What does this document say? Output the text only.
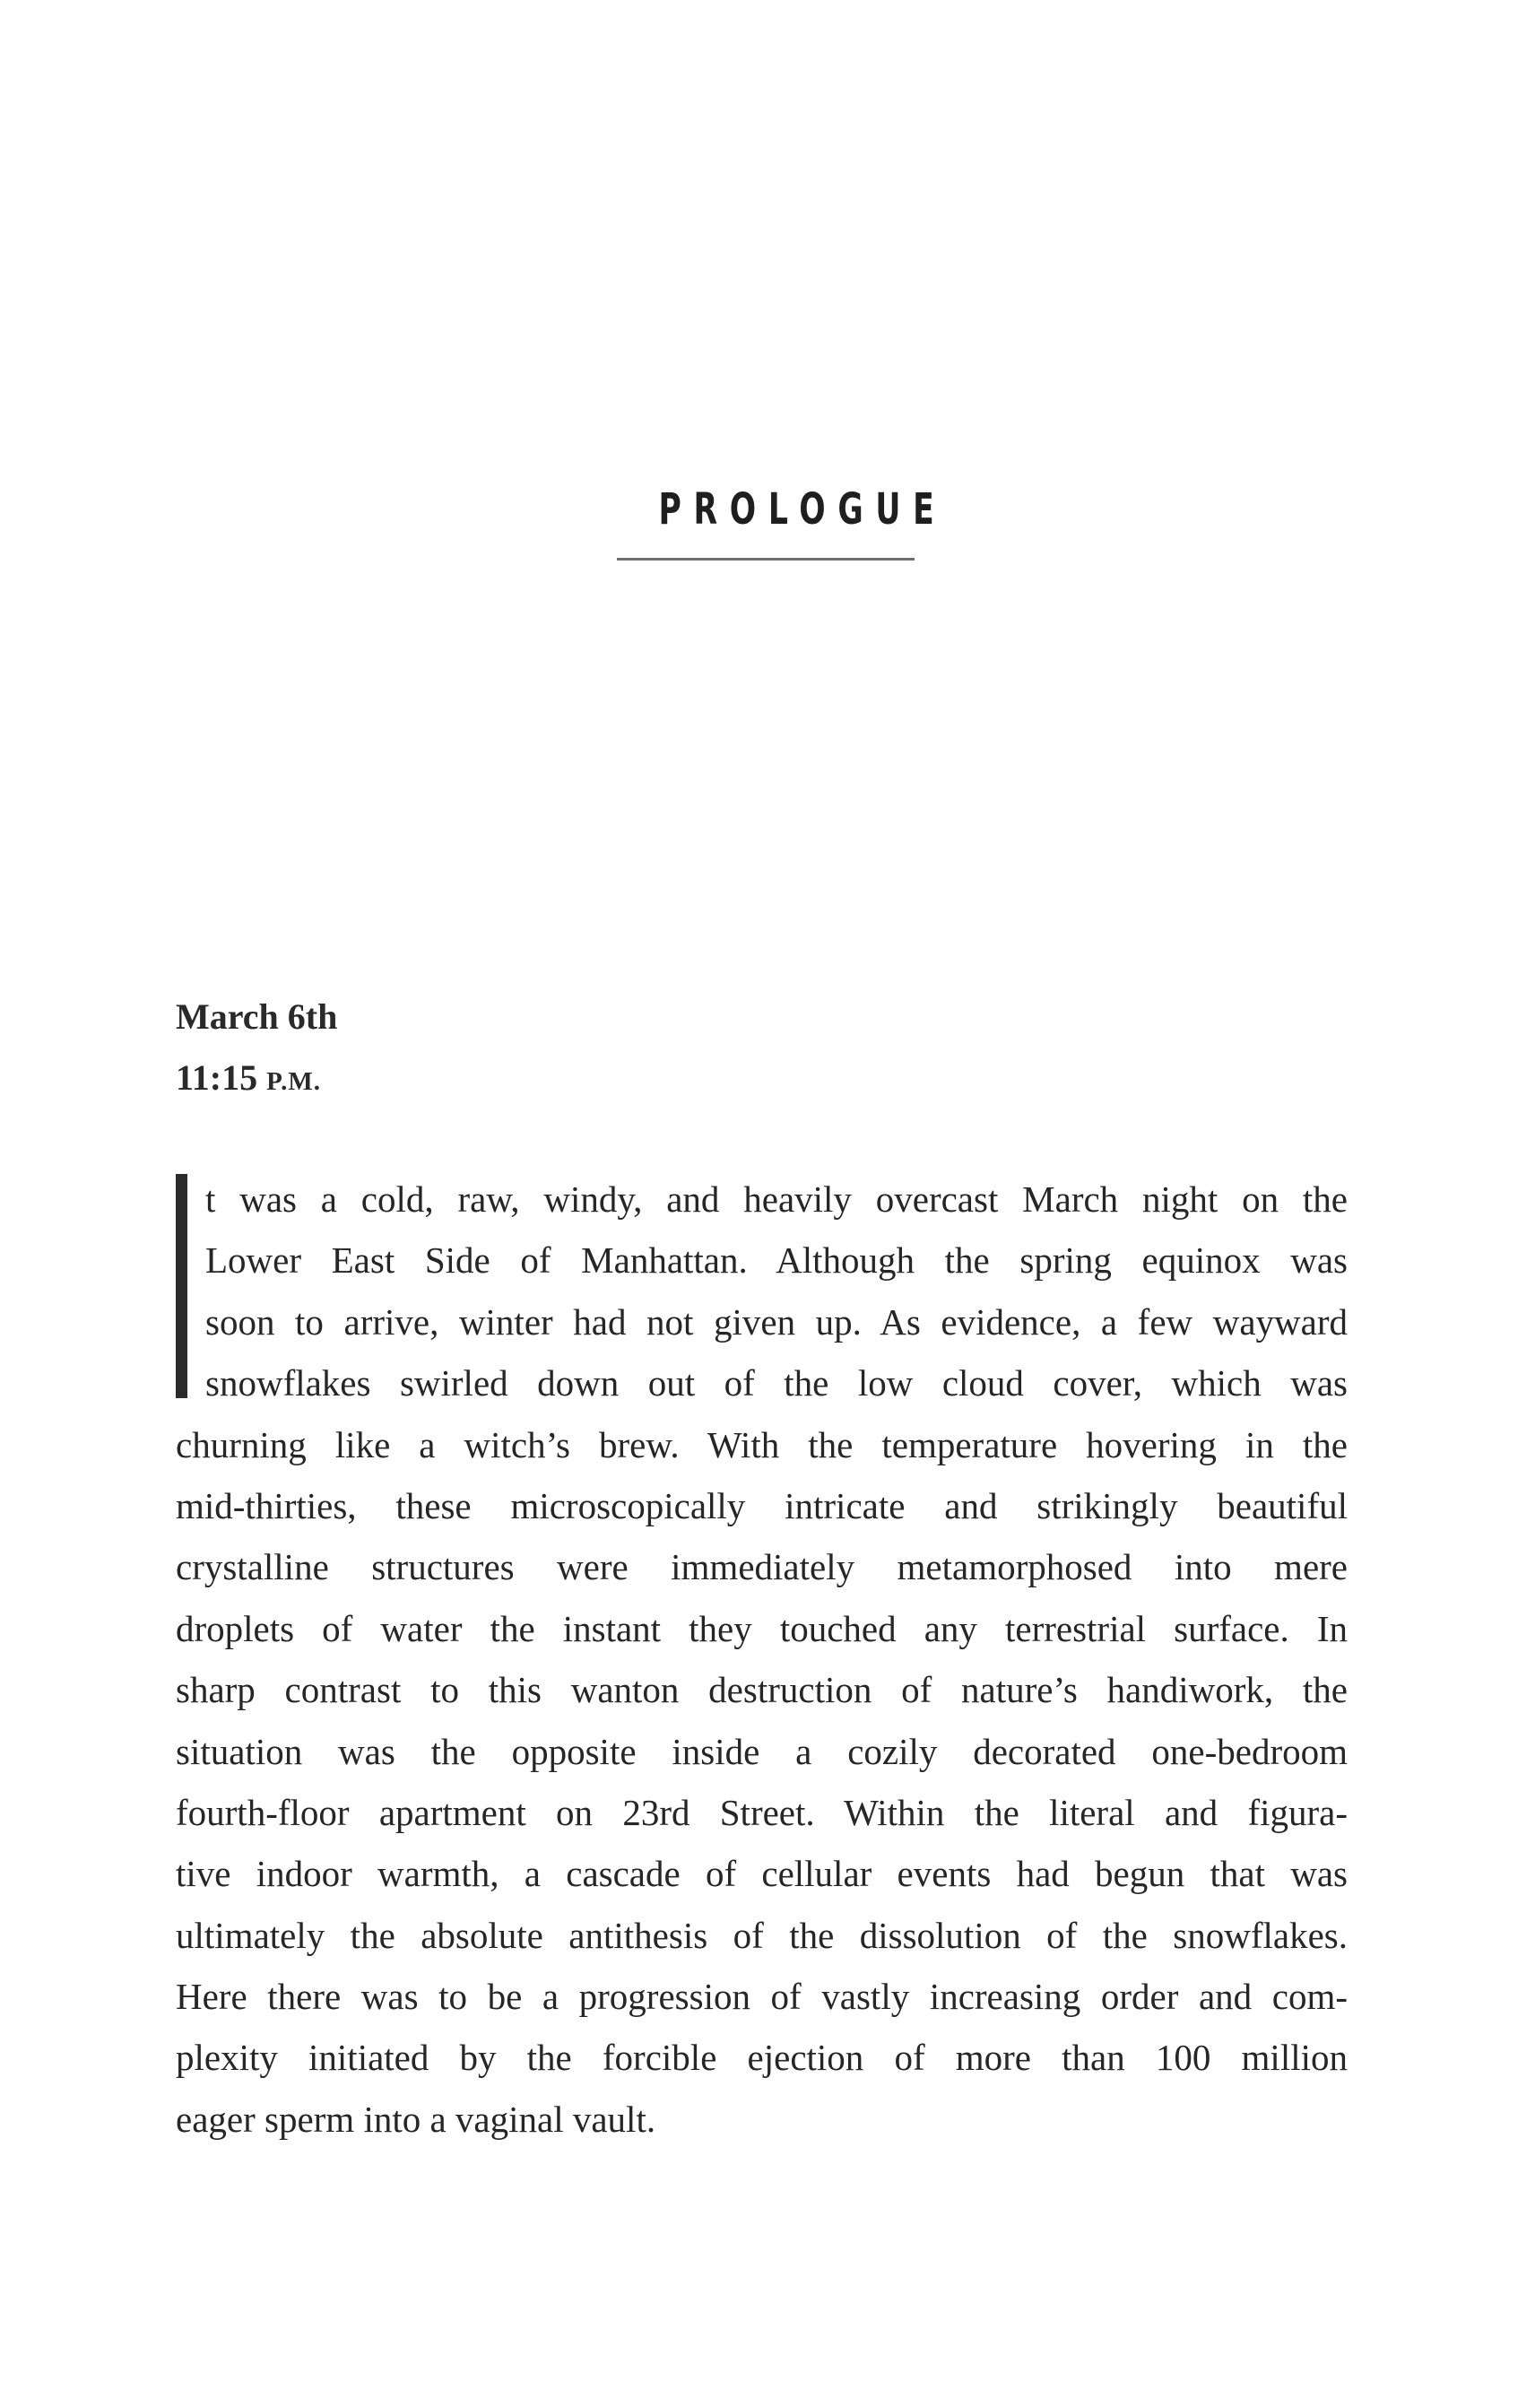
PROLOGUE
March 6th
11:15 P.M.
t was a cold, raw, windy, and heavily overcast March night on the
Lower East Side of Manhattan. Although the spring equinox was
soon to arrive, winter had not given up. As evidence, a few wayward
snowflakes swirled down out of the low cloud cover, which was
churning like a witch’s brew. With the temperature hovering in the
mid-thirties, these microscopically intricate and strikingly beautiful
crystalline structures were immediately metamorphosed into mere
droplets of water the instant they touched any terrestrial surface. In
sharp contrast to this wanton destruction of nature’s handiwork, the
situation was the opposite inside a cozily decorated one-bedroom
fourth-floor apartment on 23rd Street. Within the literal and figura-
tive indoor warmth, a cascade of cellular events had begun that was
ultimately the absolute antithesis of the dissolution of the snowflakes.
Here there was to be a progression of vastly increasing order and com-
plexity initiated by the forcible ejection of more than 100 million
eager sperm into a vaginal vault.
